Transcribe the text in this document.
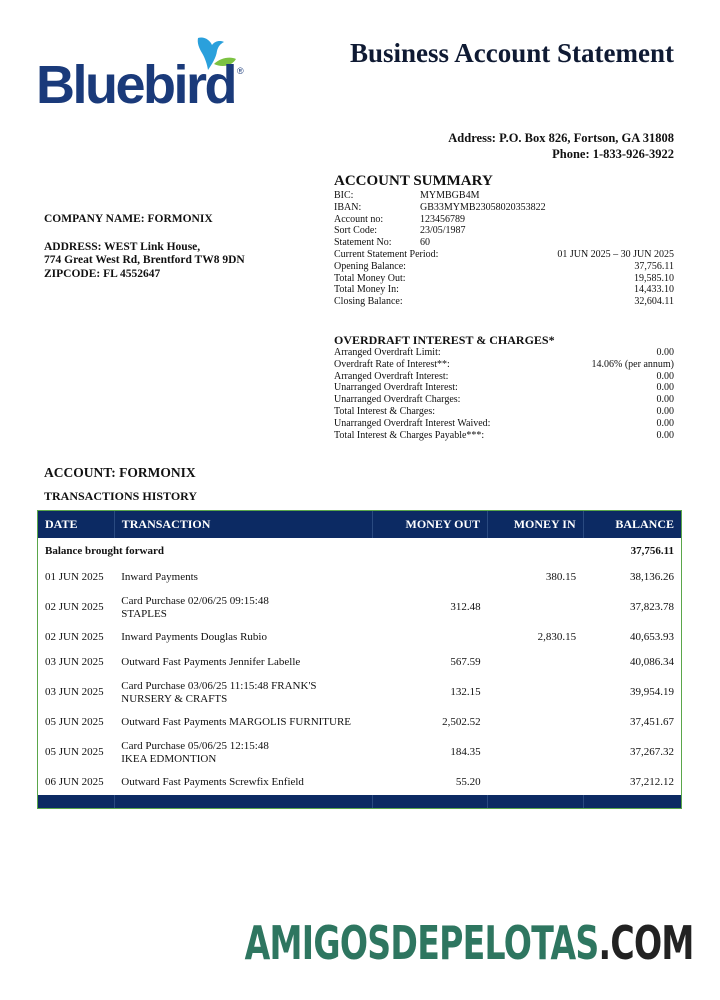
Bluebird ®
Business Account Statement
Address: P.O. Box 826, Fortson, GA 31808
Phone: 1-833-926-3922
COMPANY NAME: FORMONIX
ADDRESS: WEST Link House,
774 Great West Rd, Brentford TW8 9DN
ZIPCODE: FL 4552647
ACCOUNT SUMMARY
BIC:	MYMBGB4M
IBAN:	GB33MYMB23058020353822
Account no:	123456789
Sort Code:	23/05/1987
Statement No:	60
Current Statement Period:	01 JUN 2025 – 30 JUN 2025
Opening Balance:	37,756.11
Total Money Out:	19,585.10
Total Money In:	14,433.10
Closing Balance:	32,604.11
OVERDRAFT INTEREST & CHARGES*
Arranged Overdraft Limit:	0.00
Overdraft Rate of Interest**:	14.06% (per annum)
Arranged Overdraft Interest:	0.00
Unarranged Overdraft Interest:	0.00
Unarranged Overdraft Charges:	0.00
Total Interest & Charges:	0.00
Unarranged Overdraft Interest Waived:	0.00
Total Interest & Charges Payable***:	0.00
ACCOUNT: FORMONIX
TRANSACTIONS HISTORY
DATE	TRANSACTION	MONEY OUT	MONEY IN	BALANCE
Balance brought forward				37,756.11
01 JUN 2025	Inward Payments		380.15	38,136.26
02 JUN 2025	Card Purchase 02/06/25 09:15:48
STAPLES	312.48		37,823.78
02 JUN 2025	Inward Payments Douglas Rubio		2,830.15	40,653.93
03 JUN 2025	Outward Fast Payments Jennifer Labelle	567.59		40,086.34
03 JUN 2025	Card Purchase 03/06/25 11:15:48 FRANK'S
NURSERY & CRAFTS	132.15		39,954.19
05 JUN 2025	Outward Fast Payments MARGOLIS FURNITURE	2,502.52		37,451.67
05 JUN 2025	Card Purchase 05/06/25 12:15:48
IKEA EDMONTION	184.35		37,267.32
06 JUN 2025	Outward Fast Payments Screwfix Enfield	55.20		37,212.12

AMIGOSDEPELOTAS.COM
